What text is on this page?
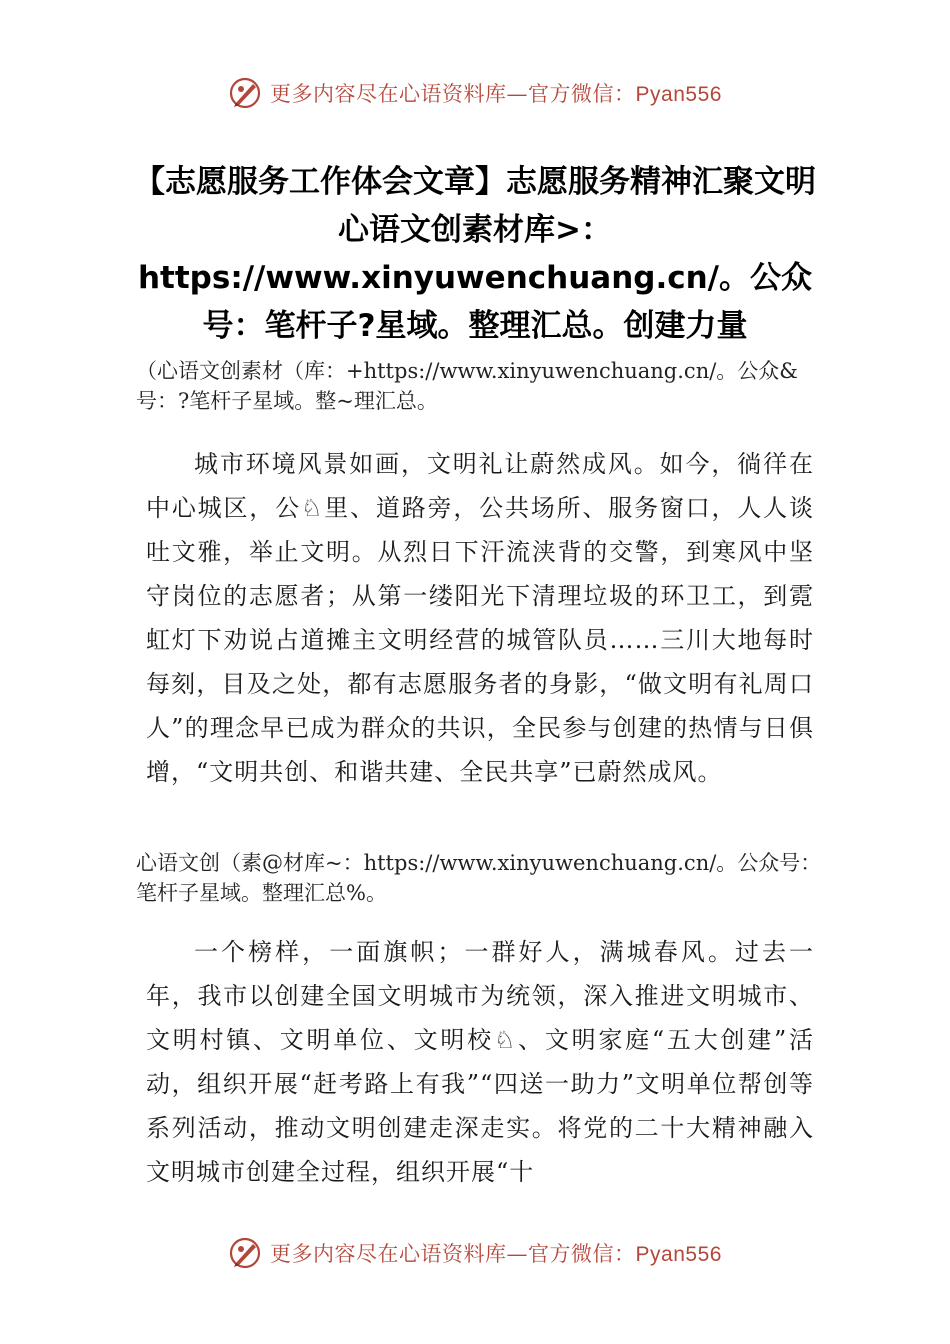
更多内容尽在心语资料库—官方微信：Pyan556
【志愿服务工作体会文章】志愿服务精神汇聚文明心语文创素材库>：https://www.xinyuwenchuang.cn/。公众号：笔杆子?星域。整理汇总。创建力量

（心语文创素材（库：+https://www.xinyuwenchuang.cn/。公众&号：?笔杆子星域。整~理汇总。

城市环境风景如画，文明礼让蔚然成风。如今，徜徉在中心城区，公♘里、道路旁，公共场所、服务窗口，人人谈吐文雅，举止文明。从烈日下汗流浃背的交警，到寒风中坚守岗位的志愿者；从第一缕阳光下清理垃圾的环卫工，到霓虹灯下劝说占道摊主文明经营的城管队员……三川大地每时每刻，目及之处，都有志愿服务者的身影，“做文明有礼周口人”的理念早已成为群众的共识，全民参与创建的热情与日俱增，“文明共创、和谐共建、全民共享”已蔚然成风。

心语文创（素@材库~：https://www.xinyuwenchuang.cn/。公众号：笔杆子星域。整理汇总%。

一个榜样，一面旗帜；一群好人，满城春风。过去一年，我市以创建全国文明城市为统领，深入推进文明城市、文明村镇、文明单位、文明校♘、文明家庭“五大创建”活动，组织开展“赶考路上有我”“四送一助力”文明单位帮创等系列活动，推动文明创建走深走实。将党的二十大精神融入文明城市创建全过程，组织开展“十

更多内容尽在心语资料库—官方微信：Pyan556
